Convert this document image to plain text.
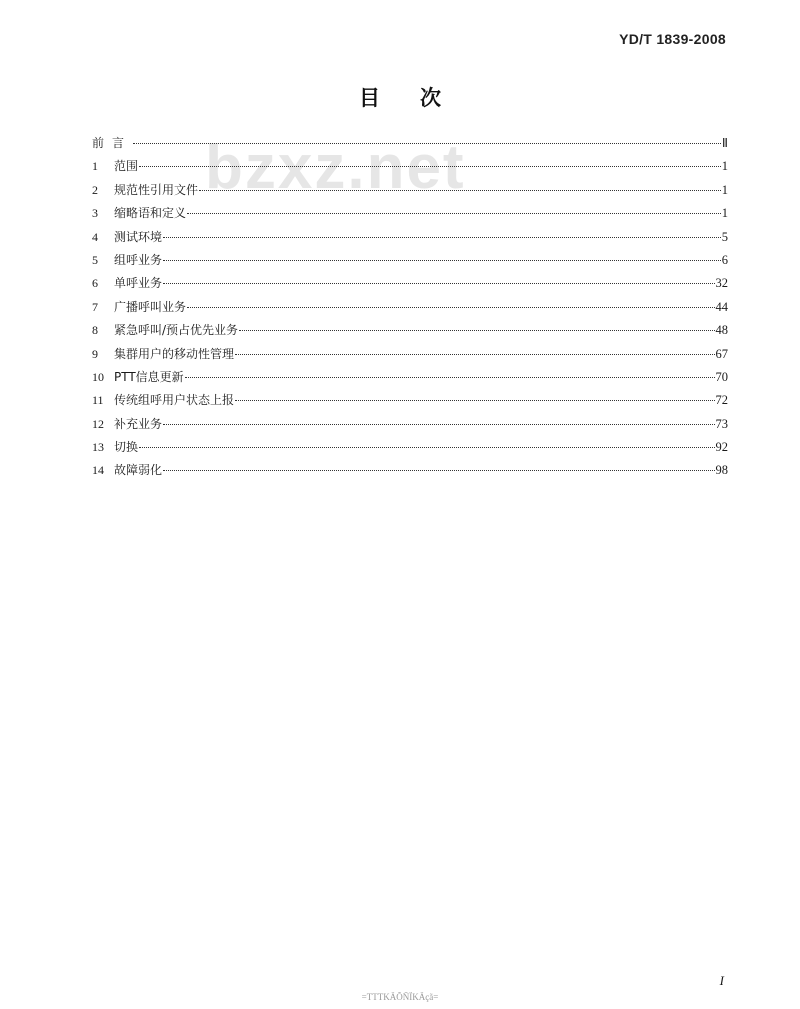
YD/T 1839-2008
目次
bzxz.net
前言	Ⅱ
1	范围	1
2	规范性引用文件	1
3	缩略语和定义	1
4	测试环境	5
5	组呼业务	6
6	单呼业务	32
7	广播呼叫业务	44
8	紧急呼叫/预占优先业务	48
9	集群用户的移动性管理	67
10 PTT信息更新	70
11 传统组呼用户状态上报	72
12 补充业务	73
13 切换	92
14 故障弱化	98
I
=TTTKÄÕÑЇKÄçã=
